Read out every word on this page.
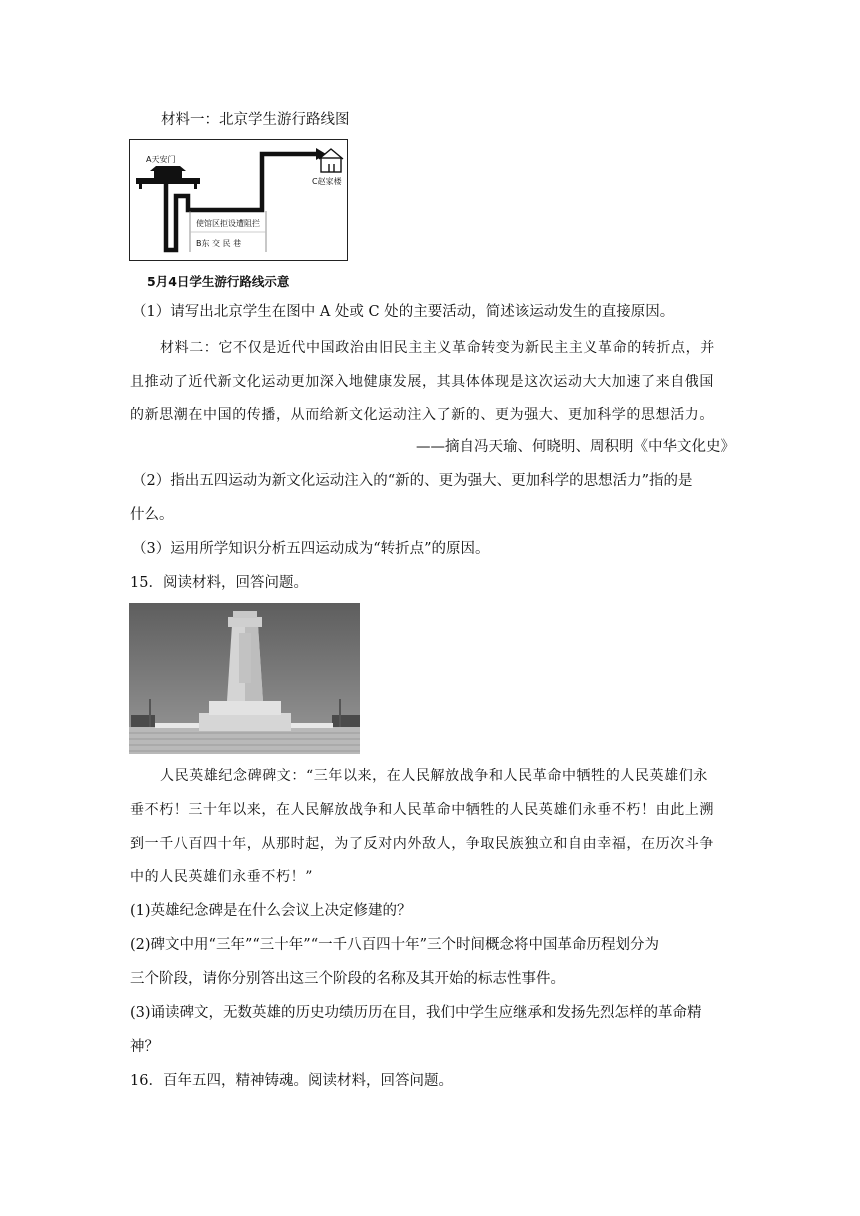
材料一：北京学生游行路线图
A天安门
C赵家楼
使馆区拒设遭阻拦
B东 交 民 巷
5月4日学生游行路线示意
（1）请写出北京学生在图中 A 处或 C 处的主要活动，简述该运动发生的直接原因。
材料二：它不仅是近代中国政治由旧民主主义革命转变为新民主主义革命的转折点，并
且推动了近代新文化运动更加深入地健康发展，其具体体现是这次运动大大加速了来自俄国
的新思潮在中国的传播，从而给新文化运动注入了新的、更为强大、更加科学的思想活力。
——摘自冯天瑜、何晓明、周积明《中华文化史》
（2）指出五四运动为新文化运动注入的“新的、更为强大、更加科学的思想活力”指的是
什么。
（3）运用所学知识分析五四运动成为“转折点”的原因。
15．阅读材料，回答问题。
人民英雄纪念碑碑文：“三年以来，在人民解放战争和人民革命中牺牲的人民英雄们永
垂不朽！三十年以来，在人民解放战争和人民革命中牺牲的人民英雄们永垂不朽！由此上溯
到一千八百四十年，从那时起，为了反对内外敌人，争取民族独立和自由幸福，在历次斗争
中的人民英雄们永垂不朽！”
(1)英雄纪念碑是在什么会议上决定修建的？
(2)碑文中用“三年”“三十年”“一千八百四十年”三个时间概念将中国革命历程划分为
三个阶段，请你分别答出这三个阶段的名称及其开始的标志性事件。
(3)诵读碑文，无数英雄的历史功绩历历在目，我们中学生应继承和发扬先烈怎样的革命精
神？
16．百年五四，精神铸魂。阅读材料，回答问题。
